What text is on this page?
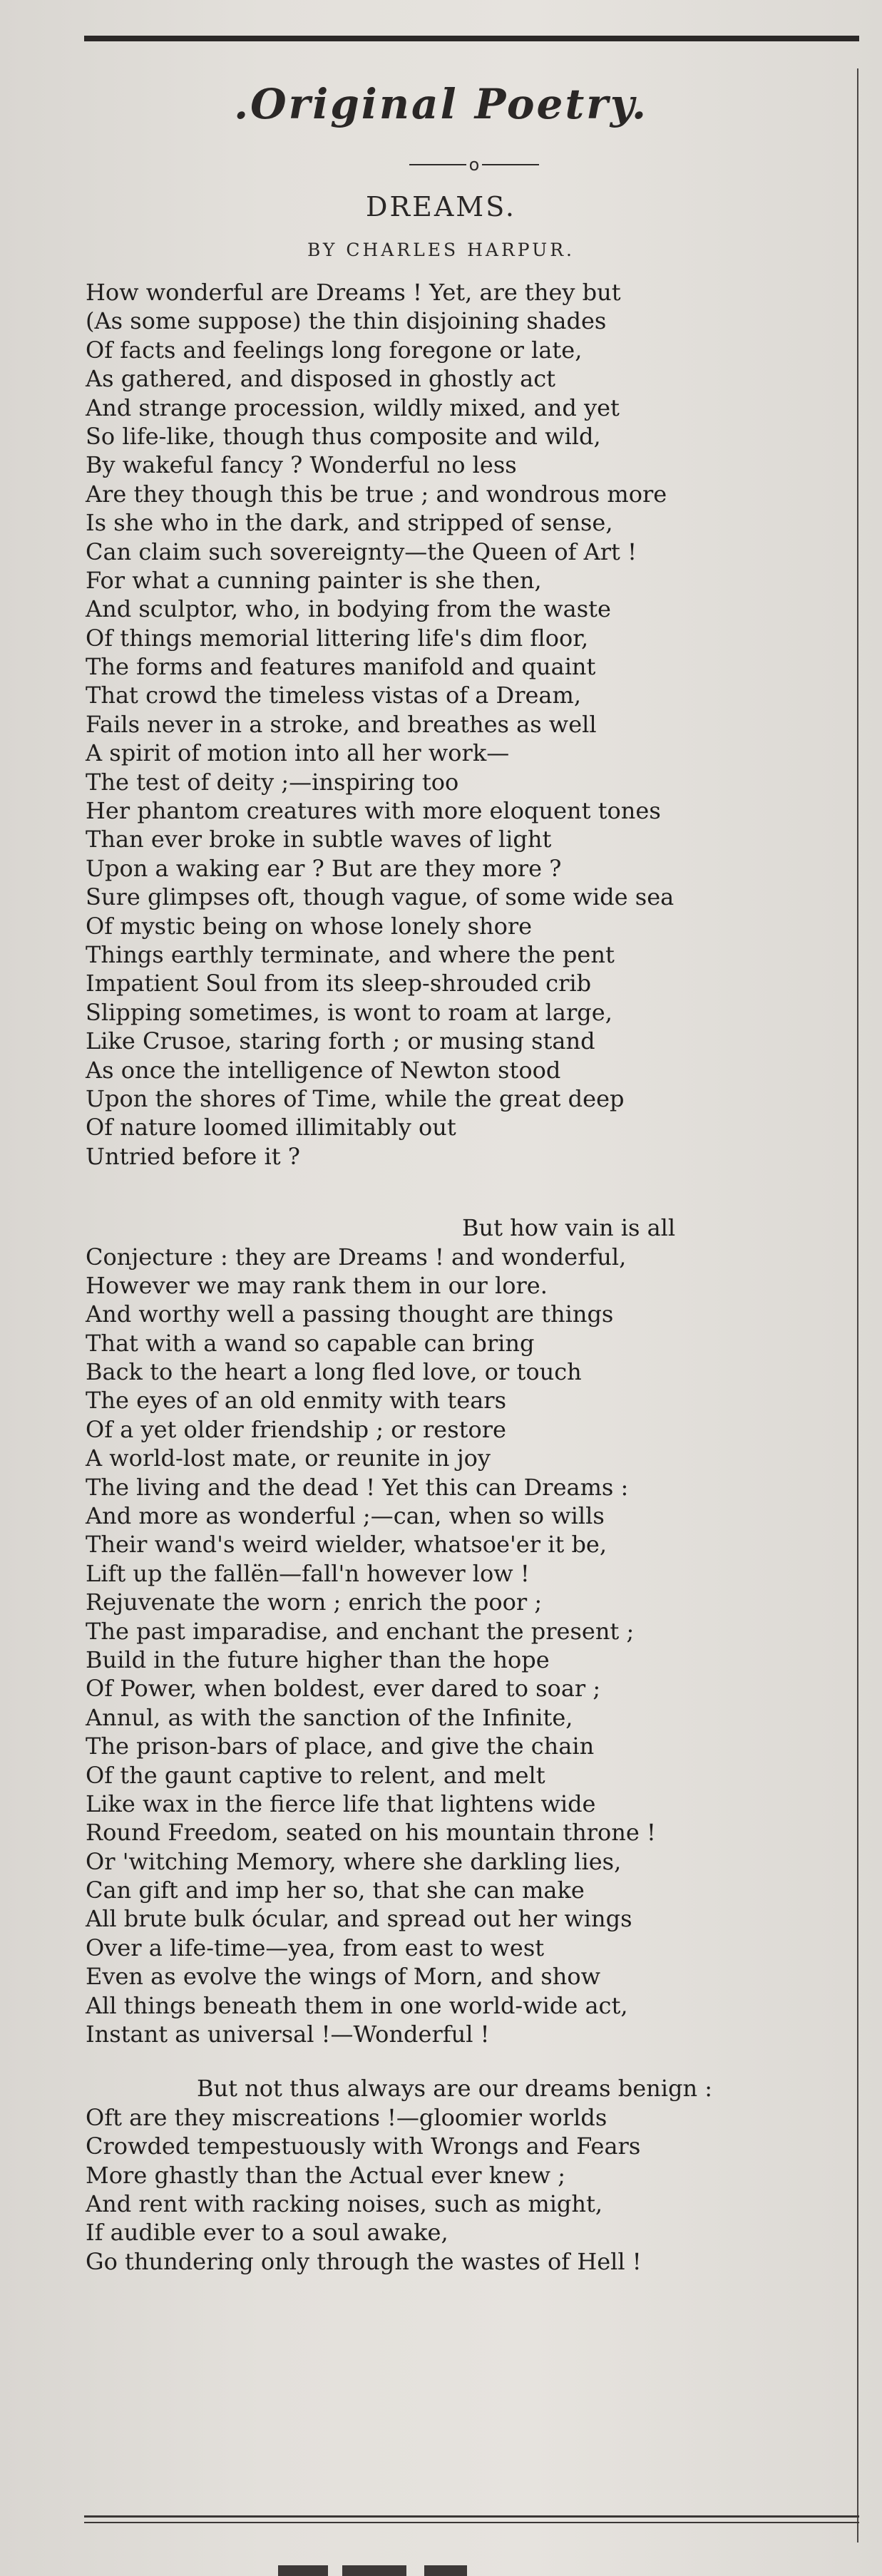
.Original Poetry.
o
DREAMS.
BY CHARLES HARPUR.
How wonderful are Dreams ! Yet, are they but
(As some suppose) the thin disjoining shades
Of facts and feelings long foregone or late,
As gathered, and disposed in ghostly act
And strange procession, wildly mixed, and yet
So life-like, though thus composite and wild,
By wakeful fancy ? Wonderful no less
Are they though this be true ; and wondrous more
Is she who in the dark, and stripped of sense,
Can claim such sovereignty—the Queen of Art !
For what a cunning painter is she then,
And sculptor, who, in bodying from the waste
Of things memorial littering life's dim floor,
The forms and features manifold and quaint
That crowd the timeless vistas of a Dream,
Fails never in a stroke, and breathes as well
A spirit of motion into all her work—
The test of deity ;—inspiring too
Her phantom creatures with more eloquent tones
Than ever broke in subtle waves of light
Upon a waking ear ? But are they more ?
Sure glimpses oft, though vague, of some wide sea
Of mystic being on whose lonely shore
Things earthly terminate, and where the pent
Impatient Soul from its sleep-shrouded crib
Slipping sometimes, is wont to roam at large,
Like Crusoe, staring forth ; or musing stand
As once the intelligence of Newton stood
Upon the shores of Time, while the great deep
Of nature loomed illimitably out
Untried before it ?
But how vain is all
Conjecture : they are Dreams ! and wonderful,
However we may rank them in our lore.
And worthy well a passing thought are things
That with a wand so capable can bring
Back to the heart a long fled love, or touch
The eyes of an old enmity with tears
Of a yet older friendship ; or restore
A world-lost mate, or reunite in joy
The living and the dead ! Yet this can Dreams :
And more as wonderful ;—can, when so wills
Their wand's weird wielder, whatsoe'er it be,
Lift up the fallën—fall'n however low !
Rejuvenate the worn ; enrich the poor ;
The past imparadise, and enchant the present ;
Build in the future higher than the hope
Of Power, when boldest, ever dared to soar ;
Annul, as with the sanction of the Infinite,
The prison-bars of place, and give the chain
Of the gaunt captive to relent, and melt
Like wax in the fierce life that lightens wide
Round Freedom, seated on his mountain throne !
Or 'witching Memory, where she darkling lies,
Can gift and imp her so, that she can make
All brute bulk ócular, and spread out her wings
Over a life-time—yea, from east to west
Even as evolve the wings of Morn, and show
All things beneath them in one world-wide act,
Instant as universal !—Wonderful !
But not thus always are our dreams benign :
Oft are they miscreations !—gloomier worlds
Crowded tempestuously with Wrongs and Fears
More ghastly than the Actual ever knew ;
And rent with racking noises, such as might,
If audible ever to a soul awake,
Go thundering only through the wastes of Hell !
